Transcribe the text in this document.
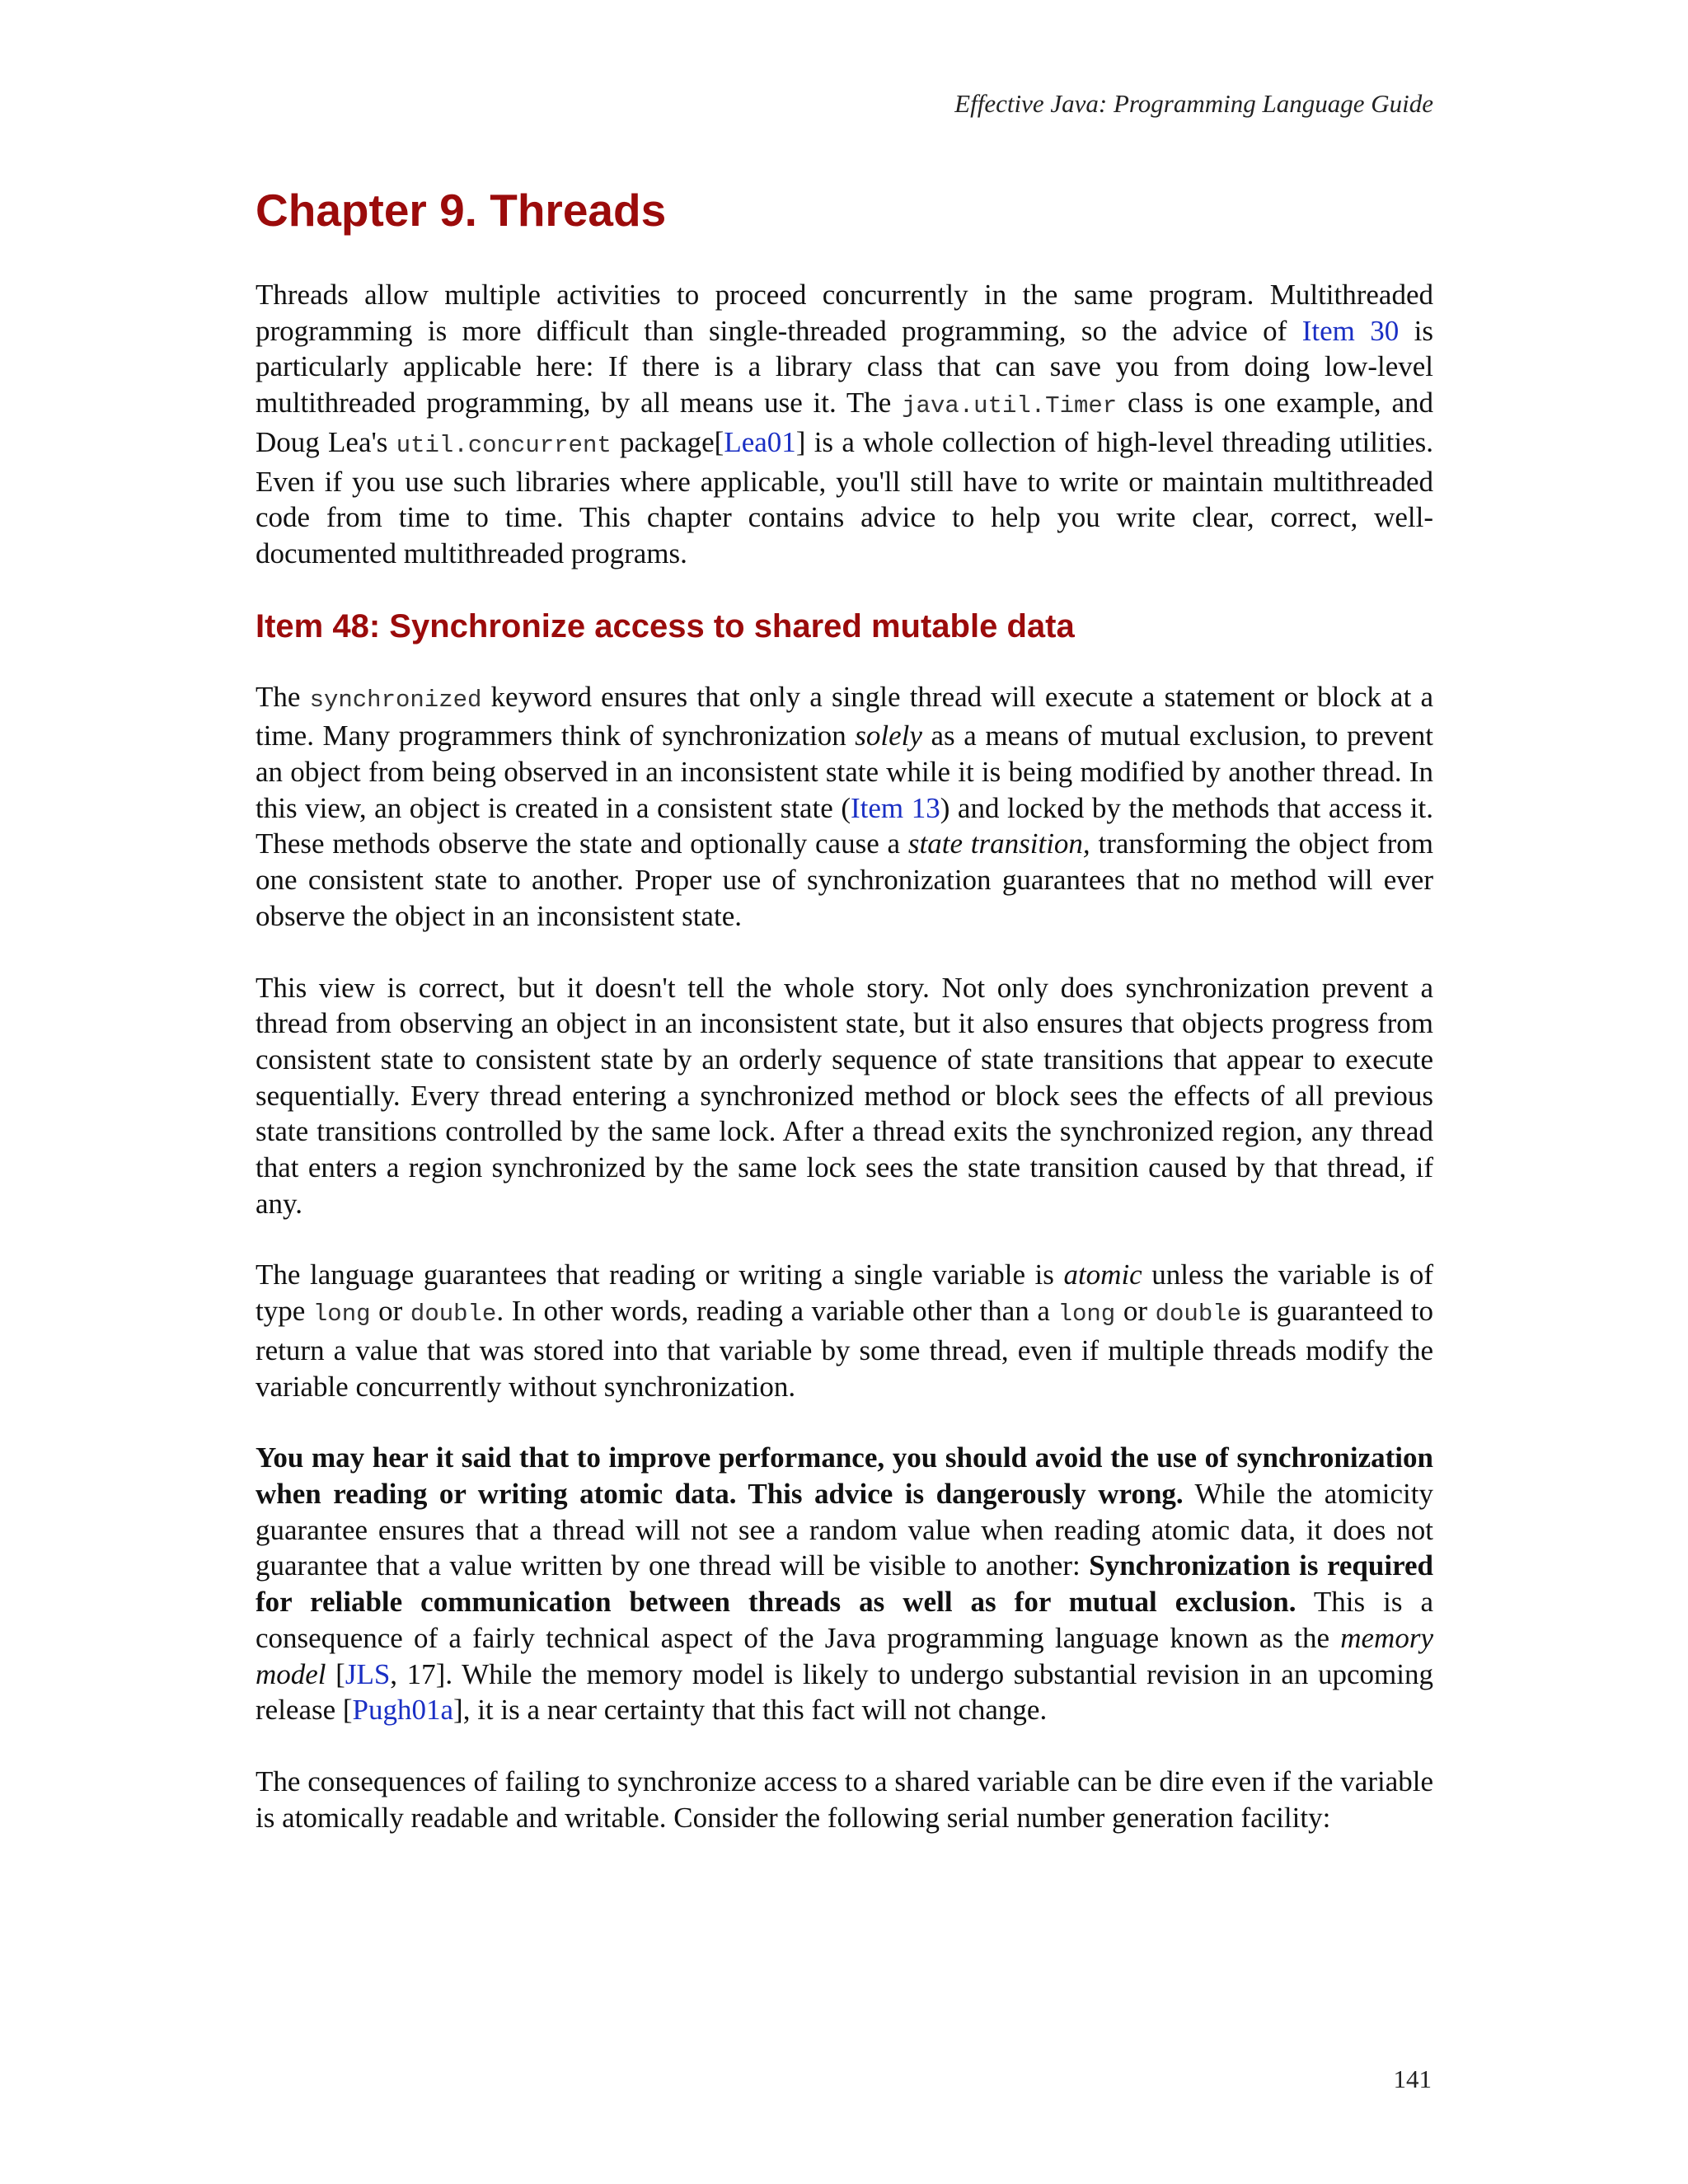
Effective Java: Programming Language Guide
Chapter 9. Threads

Threads allow multiple activities to proceed concurrently in the same program. Multithreaded programming is more difficult than single-threaded programming, so the advice of Item 30 is particularly applicable here: If there is a library class that can save you from doing low-level multithreaded programming, by all means use it. The java.util.Timer class is one example, and Doug Lea's util.concurrent package[Lea01] is a whole collection of high-level threading utilities. Even if you use such libraries where applicable, you'll still have to write or maintain multithreaded code from time to time. This chapter contains advice to help you write clear, correct, well-documented multithreaded programs.

Item 48: Synchronize access to shared mutable data

The synchronized keyword ensures that only a single thread will execute a statement or block at a time. Many programmers think of synchronization solely as a means of mutual exclusion, to prevent an object from being observed in an inconsistent state while it is being modified by another thread. In this view, an object is created in a consistent state (Item 13) and locked by the methods that access it. These methods observe the state and optionally cause a state transition, transforming the object from one consistent state to another. Proper use of synchronization guarantees that no method will ever observe the object in an inconsistent state.

This view is correct, but it doesn't tell the whole story. Not only does synchronization prevent a thread from observing an object in an inconsistent state, but it also ensures that objects progress from consistent state to consistent state by an orderly sequence of state transitions that appear to execute sequentially. Every thread entering a synchronized method or block sees the effects of all previous state transitions controlled by the same lock. After a thread exits the synchronized region, any thread that enters a region synchronized by the same lock sees the state transition caused by that thread, if any.

The language guarantees that reading or writing a single variable is atomic unless the variable is of type long or double. In other words, reading a variable other than a long or double is guaranteed to return a value that was stored into that variable by some thread, even if multiple threads modify the variable concurrently without synchronization.

You may hear it said that to improve performance, you should avoid the use of synchronization when reading or writing atomic data. This advice is dangerously wrong. While the atomicity guarantee ensures that a thread will not see a random value when reading atomic data, it does not guarantee that a value written by one thread will be visible to another: Synchronization is required for reliable communication between threads as well as for mutual exclusion. This is a consequence of a fairly technical aspect of the Java programming language known as the memory model [JLS, 17]. While the memory model is likely to undergo substantial revision in an upcoming release [Pugh01a], it is a near certainty that this fact will not change.

The consequences of failing to synchronize access to a shared variable can be dire even if the variable is atomically readable and writable. Consider the following serial number generation facility:

141
